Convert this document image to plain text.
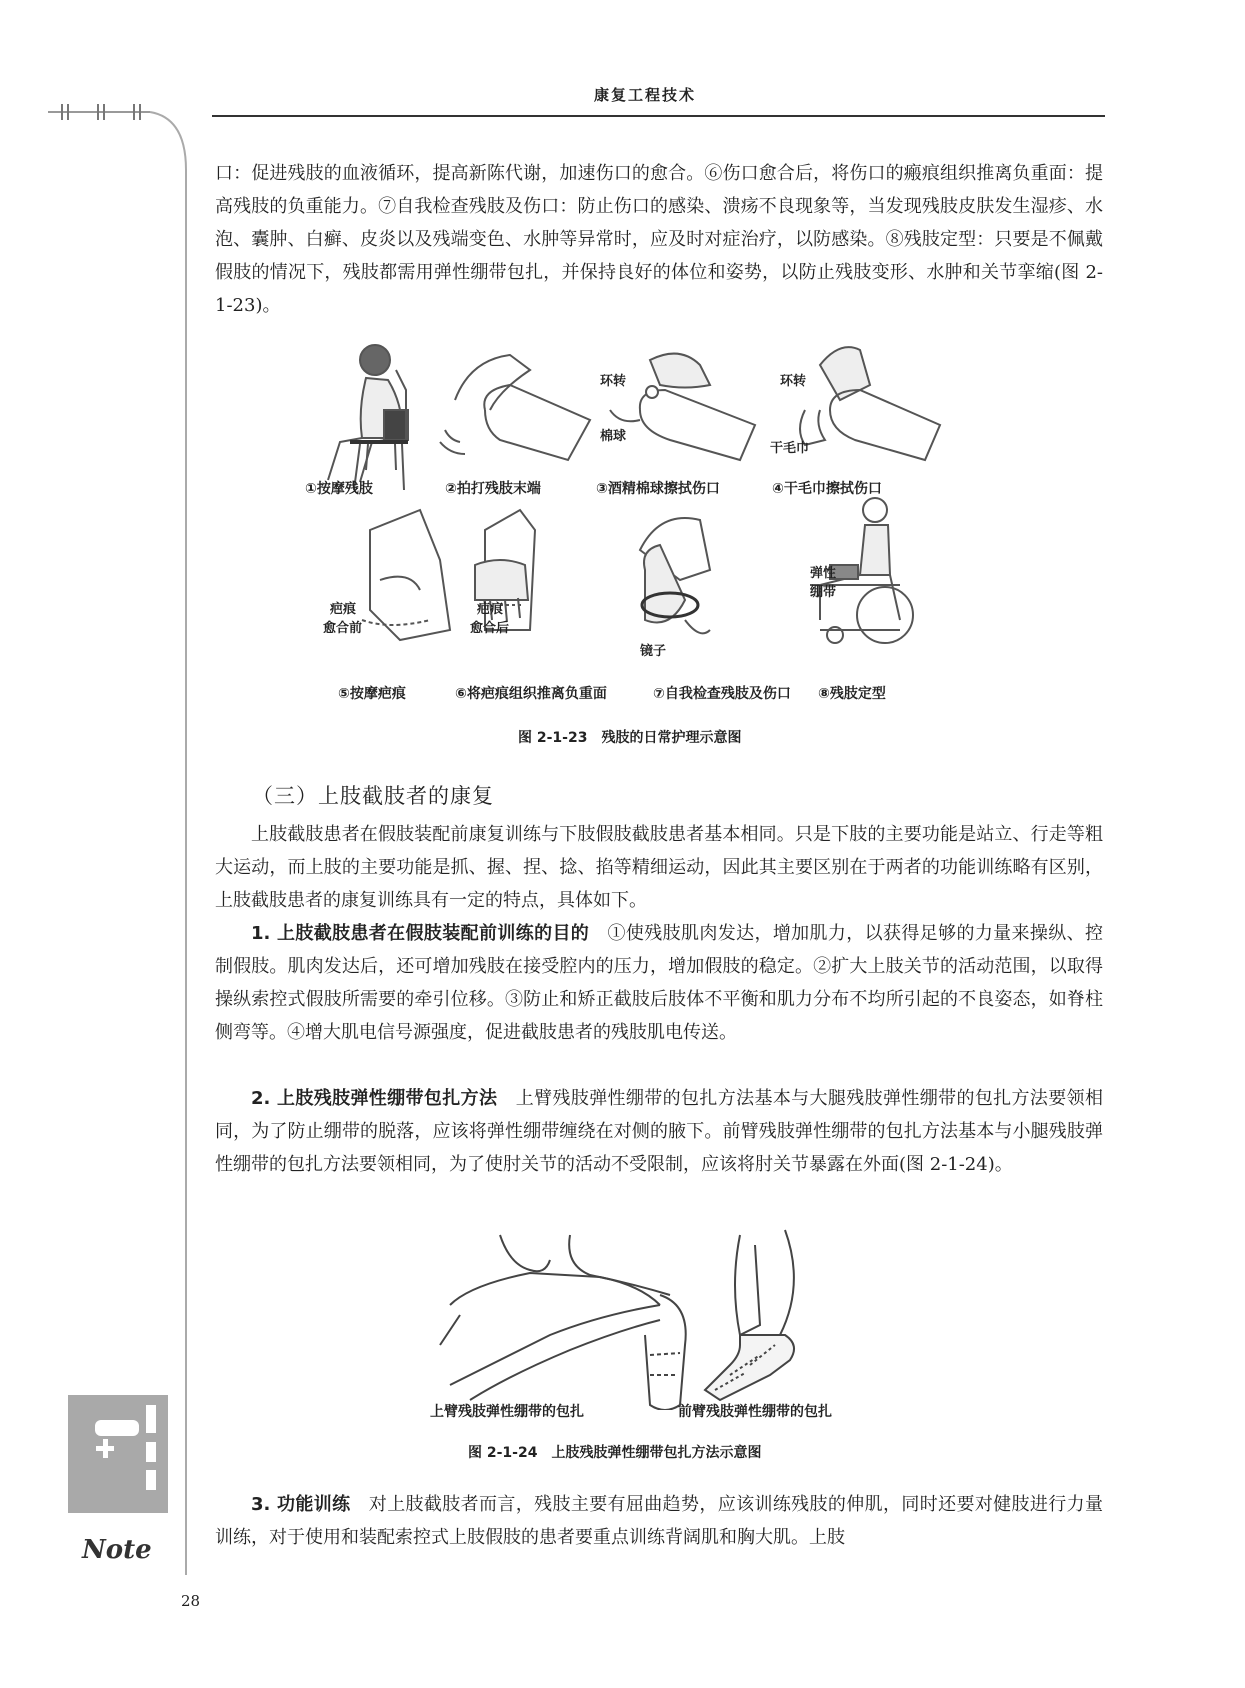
康复工程技术

口：促进残肢的血液循环，提高新陈代谢，加速伤口的愈合。⑥伤口愈合后，将伤口的瘢痕组织推离负重面：提高残肢的负重能力。⑦自我检查残肢及伤口：防止伤口的感染、溃疡不良现象等，当发现残肢皮肤发生湿疹、水泡、囊肿、白癣、皮炎以及残端变色、水肿等异常时，应及时对症治疗，以防感染。⑧残肢定型：只要是不佩戴假肢的情况下，残肢都需用弹性绷带包扎，并保持良好的体位和姿势，以防止残肢变形、水肿和关节挛缩(图 2-1-23)。

环转
棉球
环转
干毛巾
①按摩残肢	②拍打残肢末端	③酒精棉球擦拭伤口	④干毛巾擦拭伤口
疤痕
愈合前
疤痕
愈合后
镜子
弹性
绷带
⑤按摩疤痕	⑥将疤痕组织推离负重面	⑦自我检查残肢及伤口 ⑧残肢定型
图 2-1-23　残肢的日常护理示意图
（三）上肢截肢者的康复

上肢截肢患者在假肢装配前康复训练与下肢假肢截肢患者基本相同。只是下肢的主要功能是站立、行走等粗大运动，而上肢的主要功能是抓、握、捏、捻、掐等精细运动，因此其主要区别在于两者的功能训练略有区别，上肢截肢患者的康复训练具有一定的特点，具体如下。

1. 上肢截肢患者在假肢装配前训练的目的　 ①使残肢肌肉发达，增加肌力，以获得足够的力量来操纵、控制假肢。肌肉发达后，还可增加残肢在接受腔内的压力，增加假肢的稳定。②扩大上肢关节的活动范围，以取得操纵索控式假肢所需要的牵引位移。③防止和矫正截肢后肢体不平衡和肌力分布不均所引起的不良姿态，如脊柱侧弯等。④增大肌电信号源强度，促进截肢患者的残肢肌电传送。

2. 上肢残肢弹性绷带包扎方法　 上臂残肢弹性绷带的包扎方法基本与大腿残肢弹性绷带的包扎方法要领相同，为了防止绷带的脱落，应该将弹性绷带缠绕在对侧的腋下。前臂残肢弹性绷带的包扎方法基本与小腿残肢弹性绷带的包扎方法要领相同，为了使肘关节的活动不受限制，应该将肘关节暴露在外面(图 2-1-24)。

上臂残肢弹性绷带的包扎	前臂残肢弹性绷带的包扎
图 2-1-24　上肢残肢弹性绷带包扎方法示意图

3. 功能训练　 对上肢截肢者而言，残肢主要有屈曲趋势，应该训练残肢的伸肌，同时还要对健肢进行力量训练，对于使用和装配索控式上肢假肢的患者要重点训练背阔肌和胸大肌。上肢

Note
28
